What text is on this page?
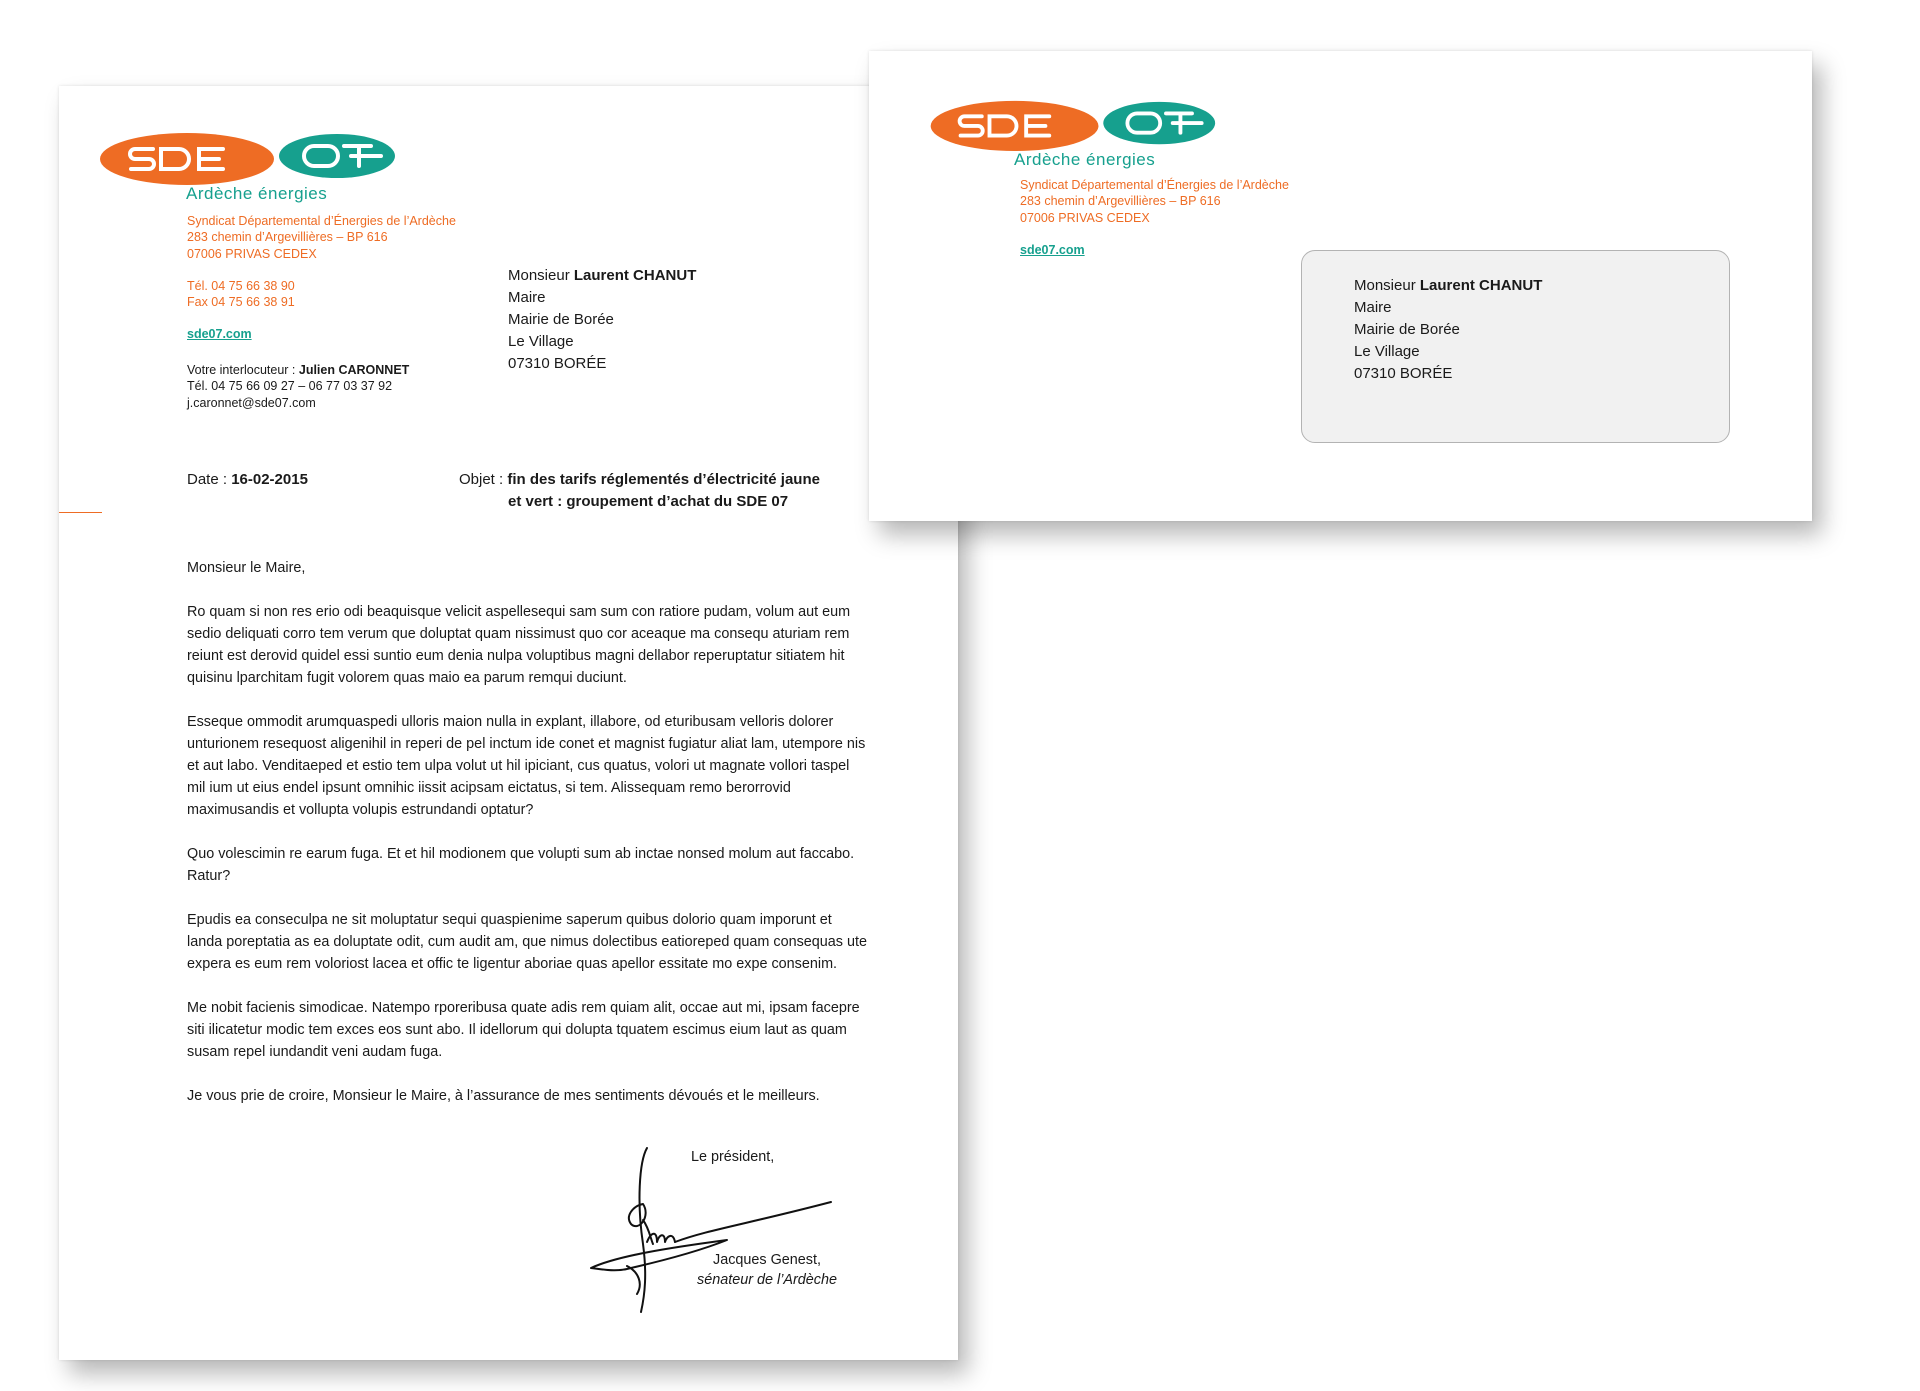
Ardèche énergies
Syndicat Départemental d’Énergies de l’Ardèche
283 chemin d’Argevillières – BP 616
07006 PRIVAS CEDEX
Tél. 04 75 66 38 90
Fax 04 75 66 38 91
sde07.com
Votre interlocuteur : Julien CARONNET
Tél. 04 75 66 09 27 – 06 77 03 37 92
j.caronnet@sde07.com
Monsieur Laurent CHANUT
Maire
Mairie de Borée
Le Village
07310 BORÉE
Date : 16-02-2015	Objet : fin des tarifs réglementés d’électricité jaune
et vert : groupement d’achat du SDE 07

Monsieur le Maire,

Ro quam si non res erio odi beaquisque velicit aspellesequi sam sum con ratiore pudam, volum aut eum sedio deliquati corro tem verum que doluptat quam nissimust quo cor aceaque ma consequ aturiam rem reiunt est derovid quidel essi suntio eum denia nulpa voluptibus magni dellabor reperuptatur sitiatem hit quisinu lparchitam fugit volorem quas maio ea parum remqui duciunt.

Esseque ommodit arumquaspedi ulloris maion nulla in explant, illabore, od eturibusam velloris dolorer unturionem resequost aligenihil in reperi de pel inctum ide conet et magnist fugiatur aliat lam, utempore nis et aut labo. Venditaeped et estio tem ulpa volut ut hil ipiciant, cus quatus, volori ut magnate vollori taspel mil ium ut eius endel ipsunt omnihic iissit acipsam eictatus, si tem. Alissequam remo berorrovid maximusandis et vollupta volupis estrundandi optatur?

Quo volescimin re earum fuga. Et et hil modionem que volupti sum ab inctae nonsed molum aut faccabo. Ratur?

Epudis ea conseculpa ne sit moluptatur sequi quaspienime saperum quibus dolorio quam imporunt et landa poreptatia as ea doluptate odit, cum audit am, que nimus dolectibus eatioreped quam consequas ute expera es eum rem voloriost lacea et offic te ligentur aboriae quas apellor essitate mo expe consenim.

Me nobit facienis simodicae. Natempo rporeribusa quate adis rem quiam alit, occae aut mi, ipsam facepre siti ilicatetur modic tem exces eos sunt abo. Il idellorum qui dolupta tquatem escimus eium laut as quam susam repel iundandit veni audam fuga.

Je vous prie de croire, Monsieur le Maire, à l’assurance de mes sentiments dévoués et le meilleurs.

Le président,
Jacques Genest,
sénateur de l’Ardèche
Ardèche énergies
Syndicat Départemental d’Énergies de l’Ardèche
283 chemin d’Argevillières – BP 616
07006 PRIVAS CEDEX
sde07.com
Monsieur Laurent CHANUT
Maire
Mairie de Borée
Le Village
07310 BORÉE
